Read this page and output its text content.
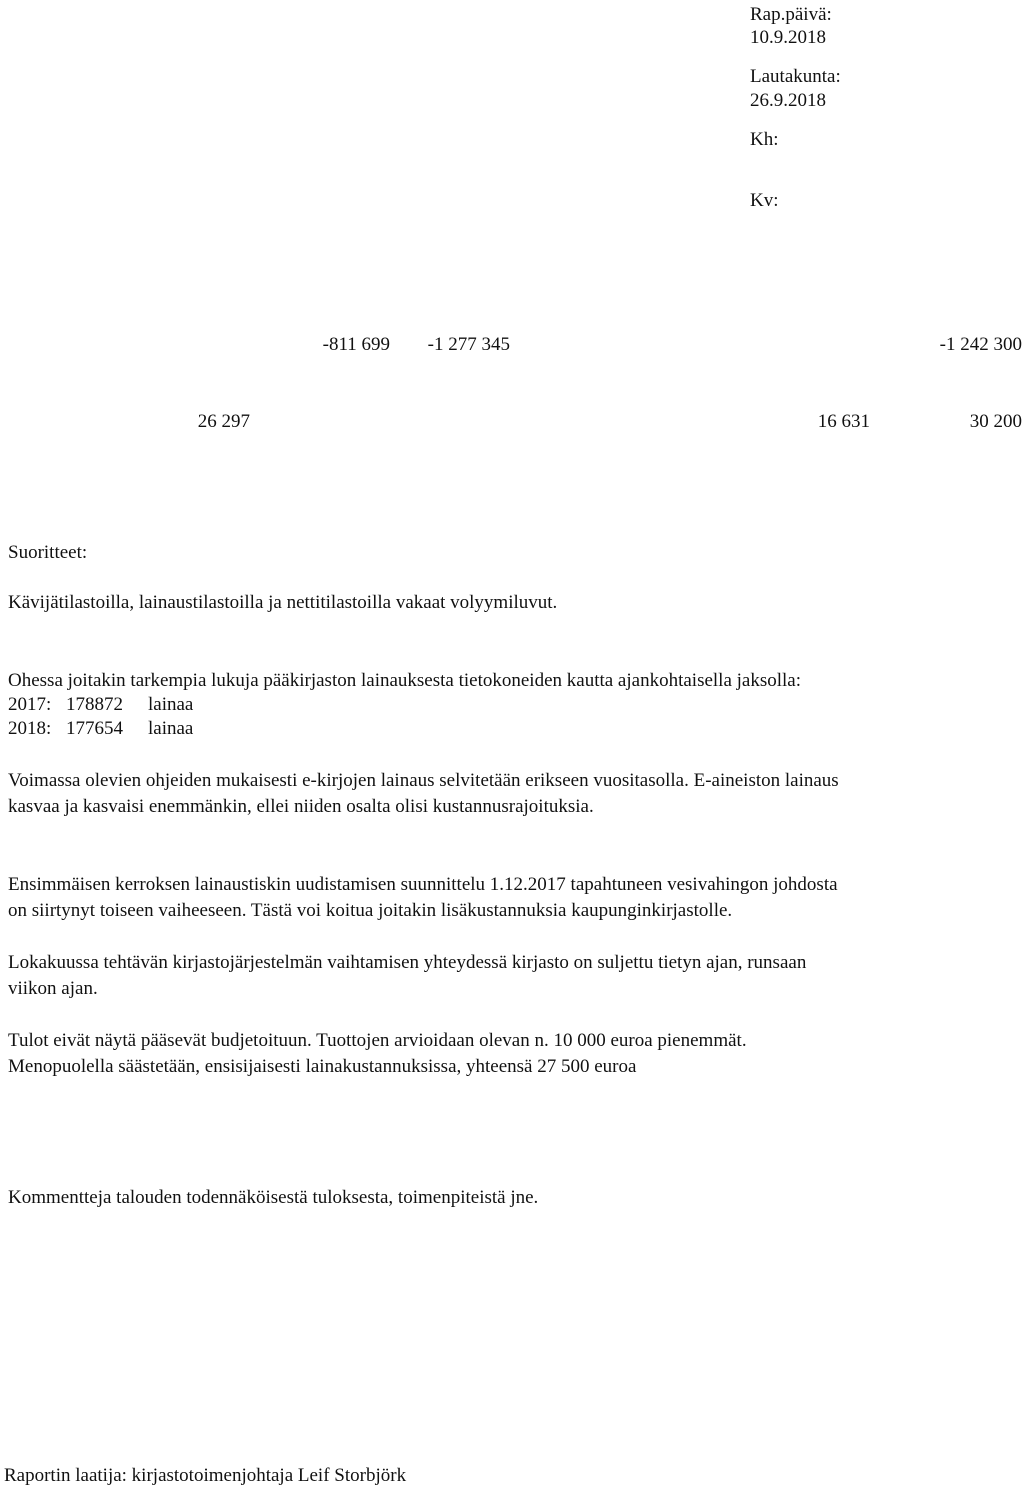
Rap.päivä:
10.9.2018
Lautakunta:
26.9.2018
Kh:
Kv:
-811 699	-1 277 345	-1 242 300
26 297	16 631	30 200
Suoritteet:
Kävijätilastoilla, lainaustilastoilla ja nettitilastoilla vakaat volyymiluvut.
Ohessa joitakin tarkempia lukuja pääkirjaston lainauksesta tietokoneiden kautta ajankohtaisella jaksolla:
2017: 178872 lainaa
2018: 177654 lainaa
Voimassa olevien ohjeiden mukaisesti e-kirjojen lainaus selvitetään erikseen vuositasolla. E-aineiston lainaus
kasvaa ja kasvaisi enemmänkin, ellei niiden osalta olisi kustannusrajoituksia.
Ensimmäisen kerroksen lainaustiskin uudistamisen suunnittelu 1.12.2017 tapahtuneen vesivahingon johdosta
on siirtynyt toiseen vaiheeseen. Tästä voi koitua joitakin lisäkustannuksia kaupunginkirjastolle.
Lokakuussa tehtävän kirjastojärjestelmän vaihtamisen yhteydessä kirjasto on suljettu tietyn ajan, runsaan
viikon ajan.
Tulot eivät näytä pääsevät budjetoituun. Tuottojen arvioidaan olevan n. 10 000 euroa pienemmät.
Menopuolella säästetään, ensisijaisesti lainakustannuksissa, yhteensä 27 500 euroa
Kommentteja talouden todennäköisestä tuloksesta, toimenpiteistä jne.
Raportin laatija: kirjastotoimenjohtaja Leif Storbjörk
